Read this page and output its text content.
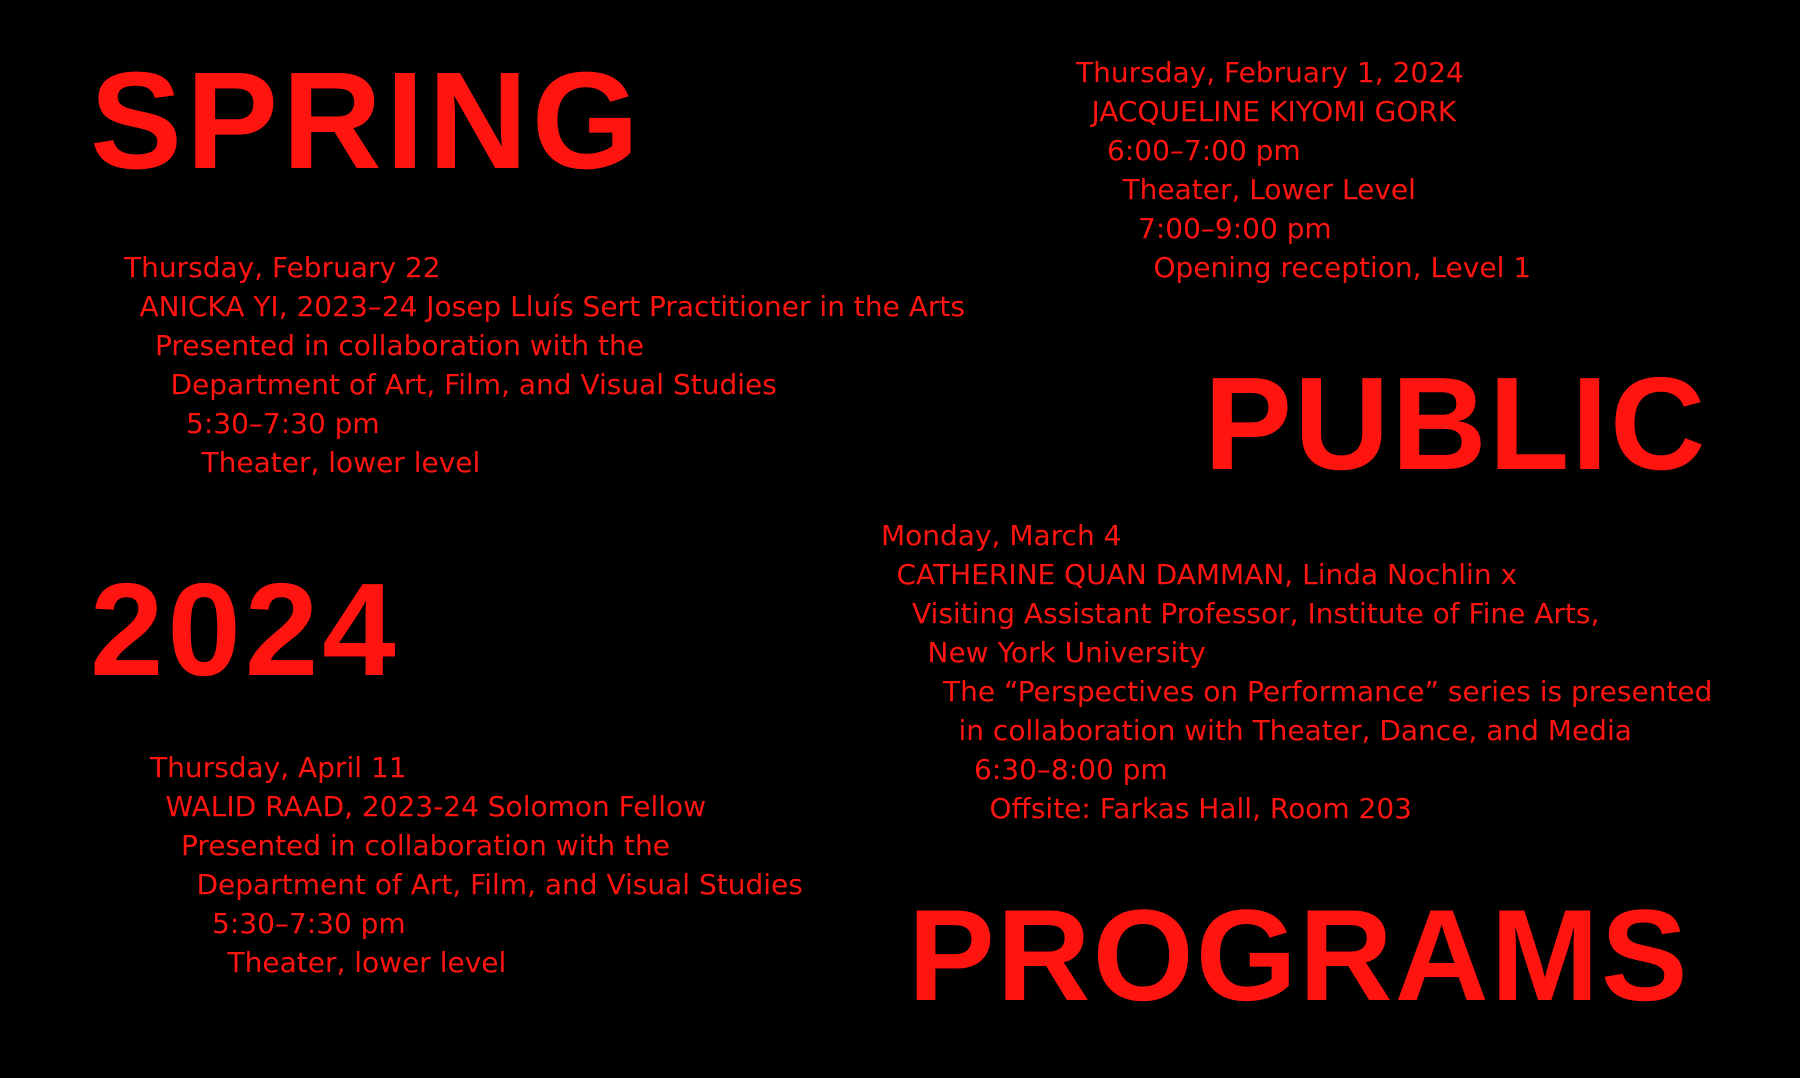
SPRING
PUBLIC
2024
PROGRAMS
Thursday, February 1, 2024
JACQUELINE KIYOMI GORK
6:00–7:00 pm
Theater, Lower Level
7:00–9:00 pm
Opening reception, Level 1
Thursday, February 22
ANICKA YI, 2023–24 Josep Lluís Sert Practitioner in the Arts
Presented in collaboration with the
Department of Art, Film, and Visual Studies
5:30–7:30 pm
Theater, lower level
Monday, March 4
CATHERINE QUAN DAMMAN, Linda Nochlin x
Visiting Assistant Professor, Institute of Fine Arts,
New York University
The “Perspectives on Performance” series is presented
in collaboration with Theater, Dance, and Media
6:30–8:00 pm
Offsite: Farkas Hall, Room 203
Thursday, April 11
WALID RAAD, 2023-24 Solomon Fellow
Presented in collaboration with the
Department of Art, Film, and Visual Studies
5:30–7:30 pm
Theater, lower level
